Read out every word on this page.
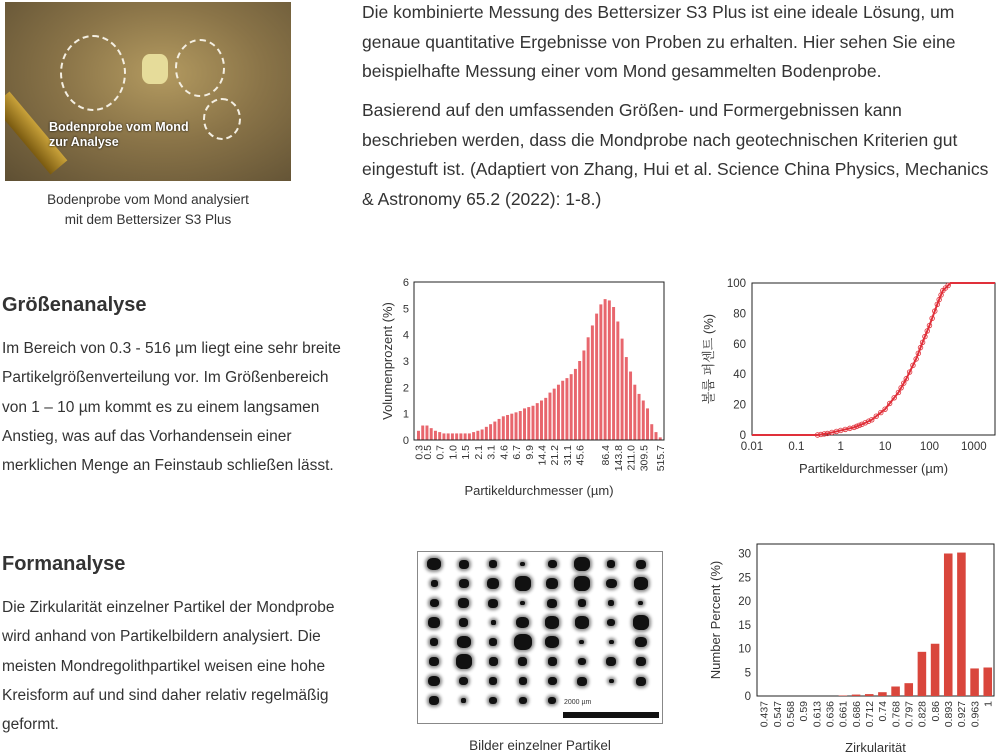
Bodenprobe vom Mond
zur Analyse
Bodenprobe vom Mond analysiert
mit dem Bettersizer S3 Plus

Die kombinierte Messung des Bettersizer S3 Plus ist eine ideale Lösung, um genaue quantitative Ergebnisse von Proben zu erhalten. Hier sehen Sie eine beispielhafte Messung einer vom Mond gesammelten Bodenprobe.

Basierend auf den umfassenden Größen- und Formergebnissen kann beschrieben werden, dass die Mondprobe nach geotechnischen Kriterien gut eingestuft ist. (Adaptiert von Zhang, Hui et al. Science China Physics, Mechanics & Astronomy 65.2 (2022): 1-8.)

Größenanalyse

Im Bereich von 0.3 - 516 µm liegt eine sehr breite Partikelgrößenverteilung vor. Im Größenbereich von 1 – 10 µm kommt es zu einem langsamen Anstieg, was auf das Vorhandensein einer merklichen Menge an Feinstaub schließen lässt.

Formanalyse

Die Zirkularität einzelner Partikel der Mondprobe wird anhand von Partikelbildern analysiert. Die meisten Mondregolithpartikel weisen eine hohe Kreisform auf und sind daher relativ regelmäßig geformt.

0
1
2
3
4
5
6
0.3
0.5 0.7 1.0 1.5 2.1 3.1 4.6 6.7 9.9 14.4 21.2 31.1 45.6 86.4 143.8 211.0 309.5 515.7
Partikeldurchmesser (µm)
Volumenprozent (%)
0
20
40
60
80
100
0.01 0.1	1	10 100 1000
Partikeldurchmesser (µm)
볼륨 퍼센트 (%)
0
5
10
15
20
25
30
0.437 0.547 0.568 0.59 0.613 0.636 0.661 0.686 0.712 0.74 0.768 0.797 0.828 0.86 0.893 0.927 0.963 1
Zirkularität
Number Percent (%)
2000 µm
Bilder einzelner Partikel
